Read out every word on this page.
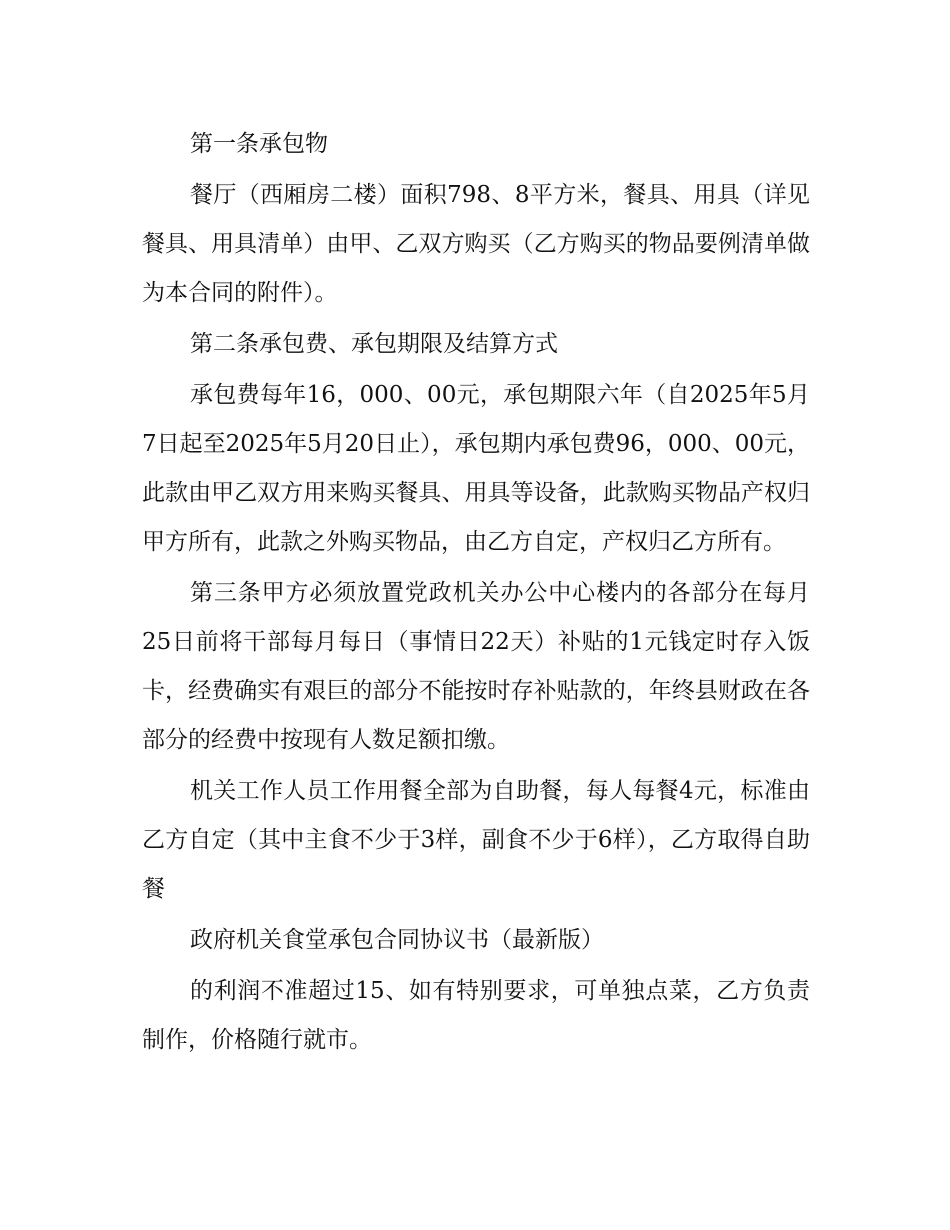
第一条承包物

餐厅（西厢房二楼）面积798、8平方米，餐具、用具（详见餐具、用具清单）由甲、乙双方购买（乙方购买的物品要例清单做为本合同的附件）。

第二条承包费、承包期限及结算方式

承包费每年16，000、00元，承包期限六年（自2025年5月7日起至2025年5月20日止），承包期内承包费96，000、00元，此款由甲乙双方用来购买餐具、用具等设备，此款购买物品产权归甲方所有，此款之外购买物品，由乙方自定，产权归乙方所有。

第三条甲方必须放置党政机关办公中心楼内的各部分在每月25日前将干部每月每日（事情日22天）补贴的1元钱定时存入饭卡，经费确实有艰巨的部分不能按时存补贴款的，年终县财政在各部分的经费中按现有人数足额扣缴。

机关工作人员工作用餐全部为自助餐，每人每餐4元，标准由乙方自定（其中主食不少于3样，副食不少于6样），乙方取得自助餐

政府机关食堂承包合同协议书（最新版）

的利润不准超过15、如有特别要求，可单独点菜，乙方负责制作，价格随行就市。
